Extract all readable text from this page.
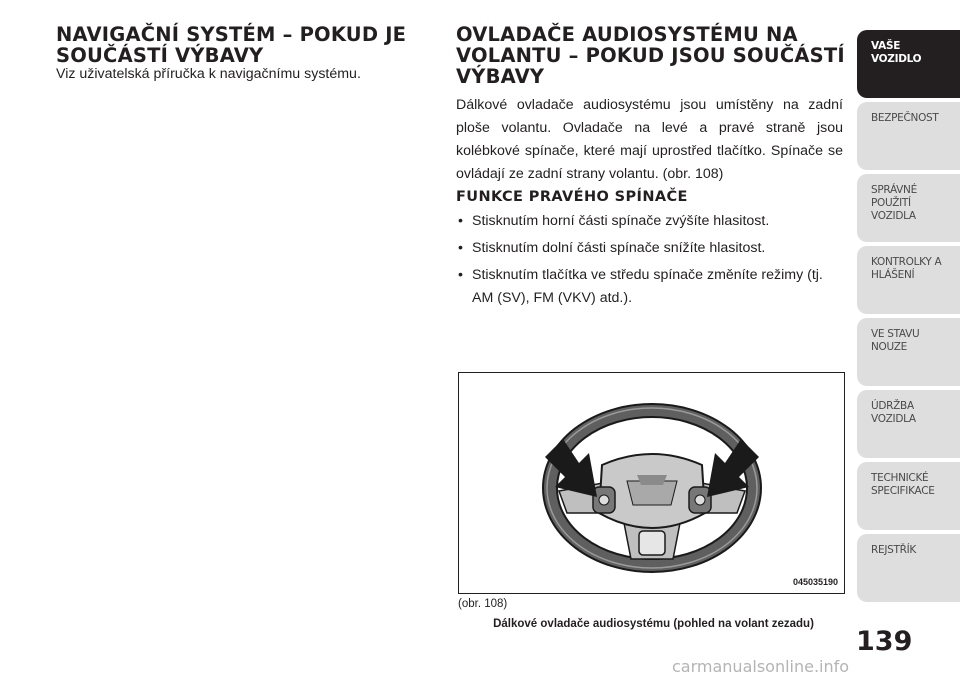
NAVIGAČNÍ SYSTÉM – POKUD JE SOUČÁSTÍ VÝBAVY

Viz uživatelská příručka k navigačnímu systému.

OVLADAČE AUDIOSYSTÉMU NA VOLANTU – POKUD JSOU SOUČÁSTÍ VÝBAVY

Dálkové ovladače audiosystému jsou umístěny na zadní ploše volantu. Ovladače na levé a pravé straně jsou kolébkové spínače, které mají uprostřed tlačítko. Spínače se ovládají ze zadní strany volantu. (obr. 108)

FUNKCE PRAVÉHO SPÍNAČE
• Stisknutím horní části spínače zvýšíte hlasitost.
• Stisknutím dolní části spínače snížíte hlasitost.
• Stisknutím tlačítka ve středu spínače změníte režimy (tj. AM (SV), FM (VKV) atd.).
045035190
(obr. 108)
Dálkové ovladače audiosystému (pohled na volant zezadu)
VAŠE VOZIDLO
BEZPEČNOST
SPRÁVNÉ POUŽITÍ VOZIDLA
KONTROLKY A HLÁŠENÍ
VE STAVU NOUZE
ÚDRŽBA VOZIDLA
TECHNICKÉ SPECIFIKACE
REJSTŘÍK
139
carmanualsonline.info
